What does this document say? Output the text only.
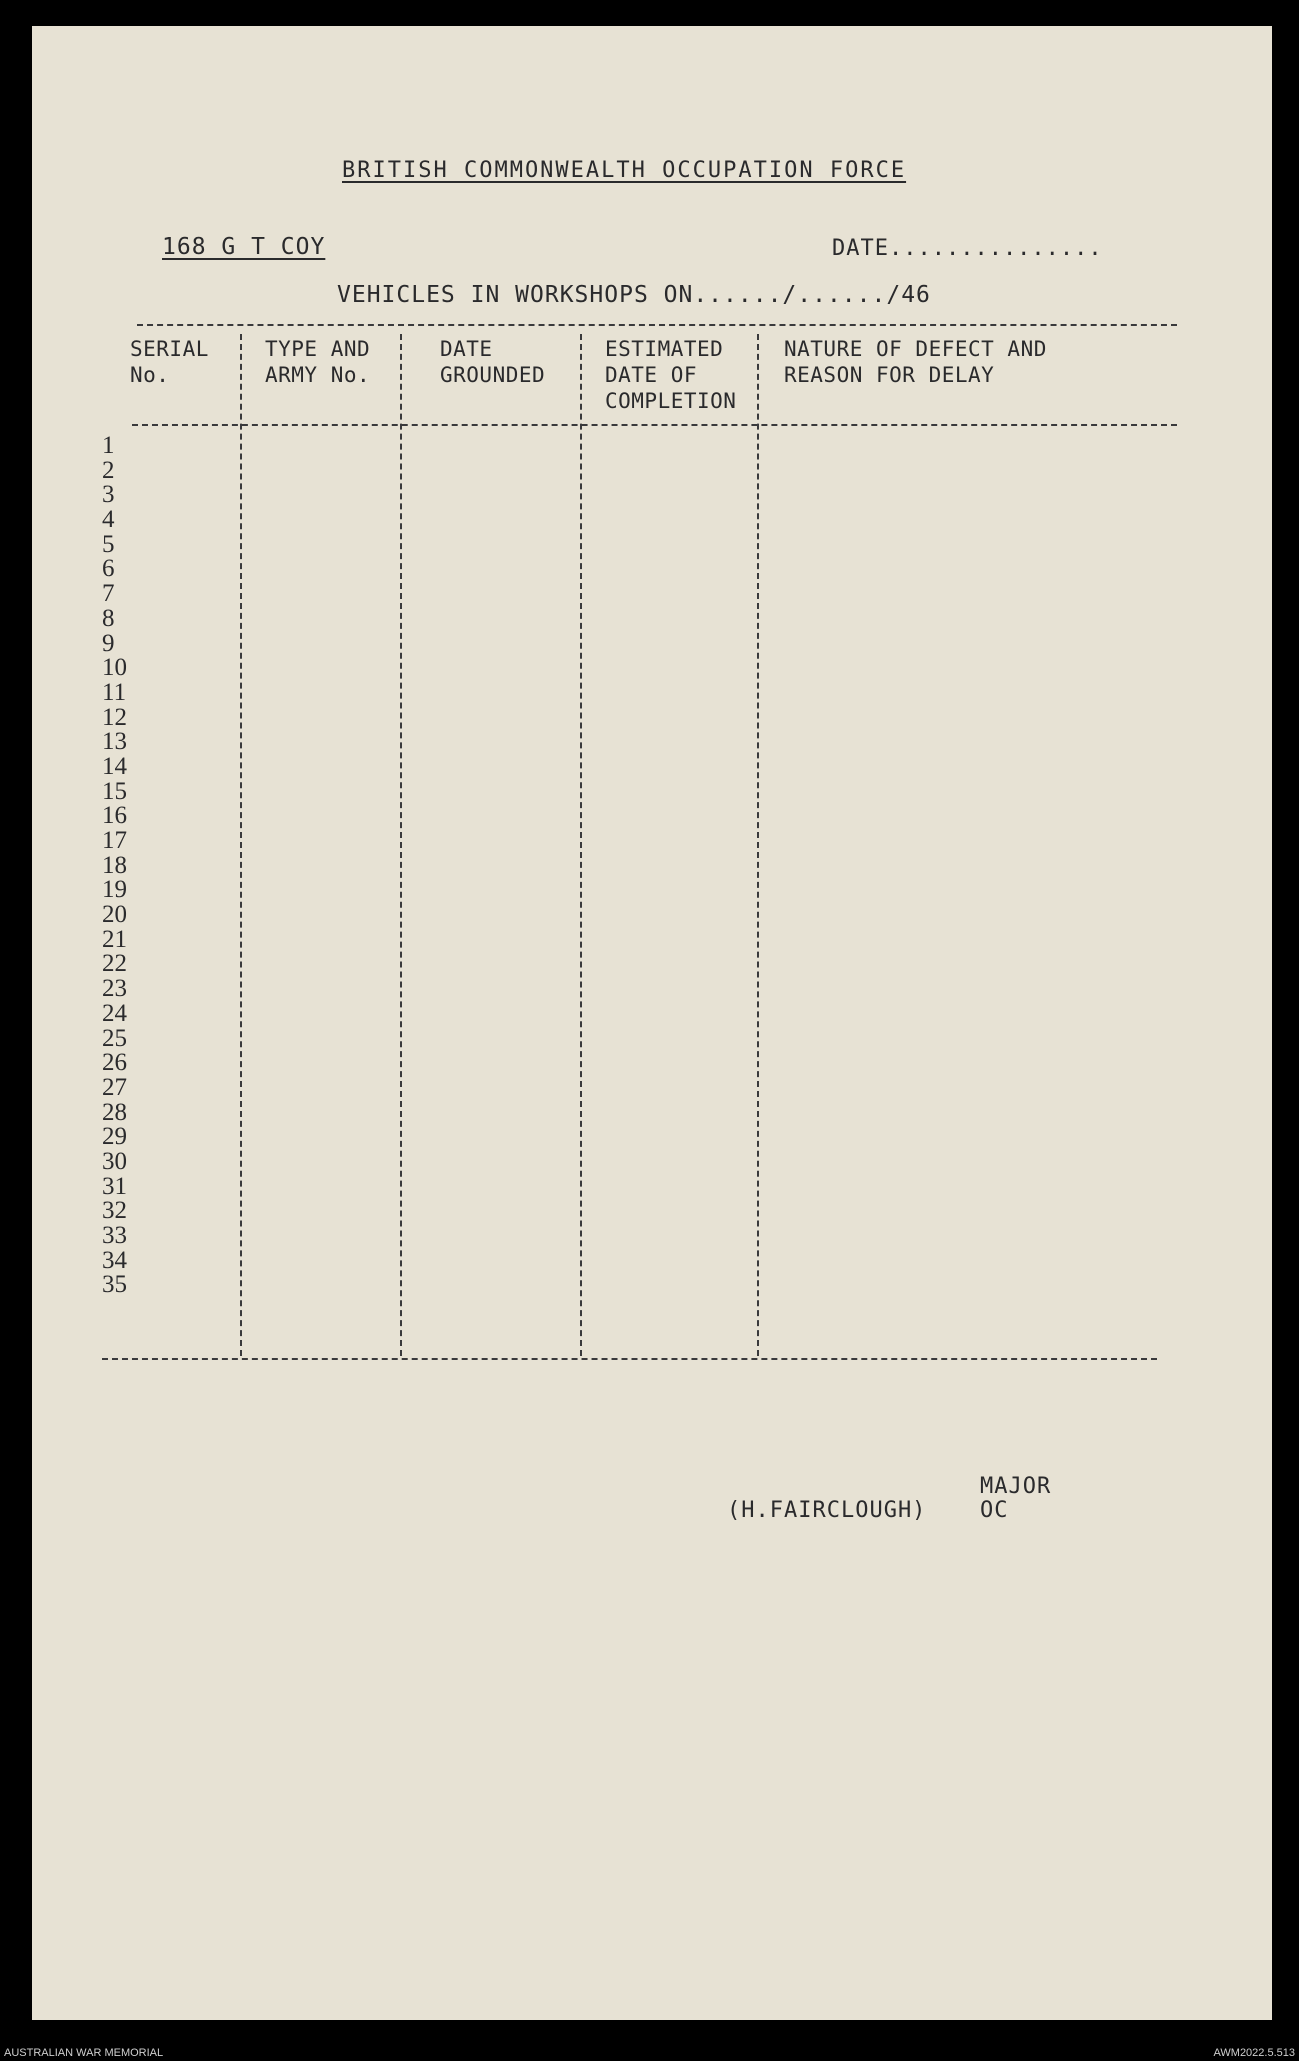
BRITISH COMMONWEALTH OCCUPATION FORCE
168 G T COY	DATE...............
VEHICLES IN WORKSHOPS ON....../....../46
SERIAL
No.
TYPE AND
ARMY No.
DATE
GROUNDED
ESTIMATED
DATE OF
COMPLETION
NATURE OF DEFECT AND
REASON FOR DELAY
1
2
3
4
5
6
7
8
9
10
11
12
13
14
15
16
17
18
19
20
21
22
23
24
25
26
27
28
29
30
31
32
33
34
35
MAJOR
(H.FAIRCLOUGH) OC
AUSTRALIAN WAR MEMORIAL	AWM2022.5.513
